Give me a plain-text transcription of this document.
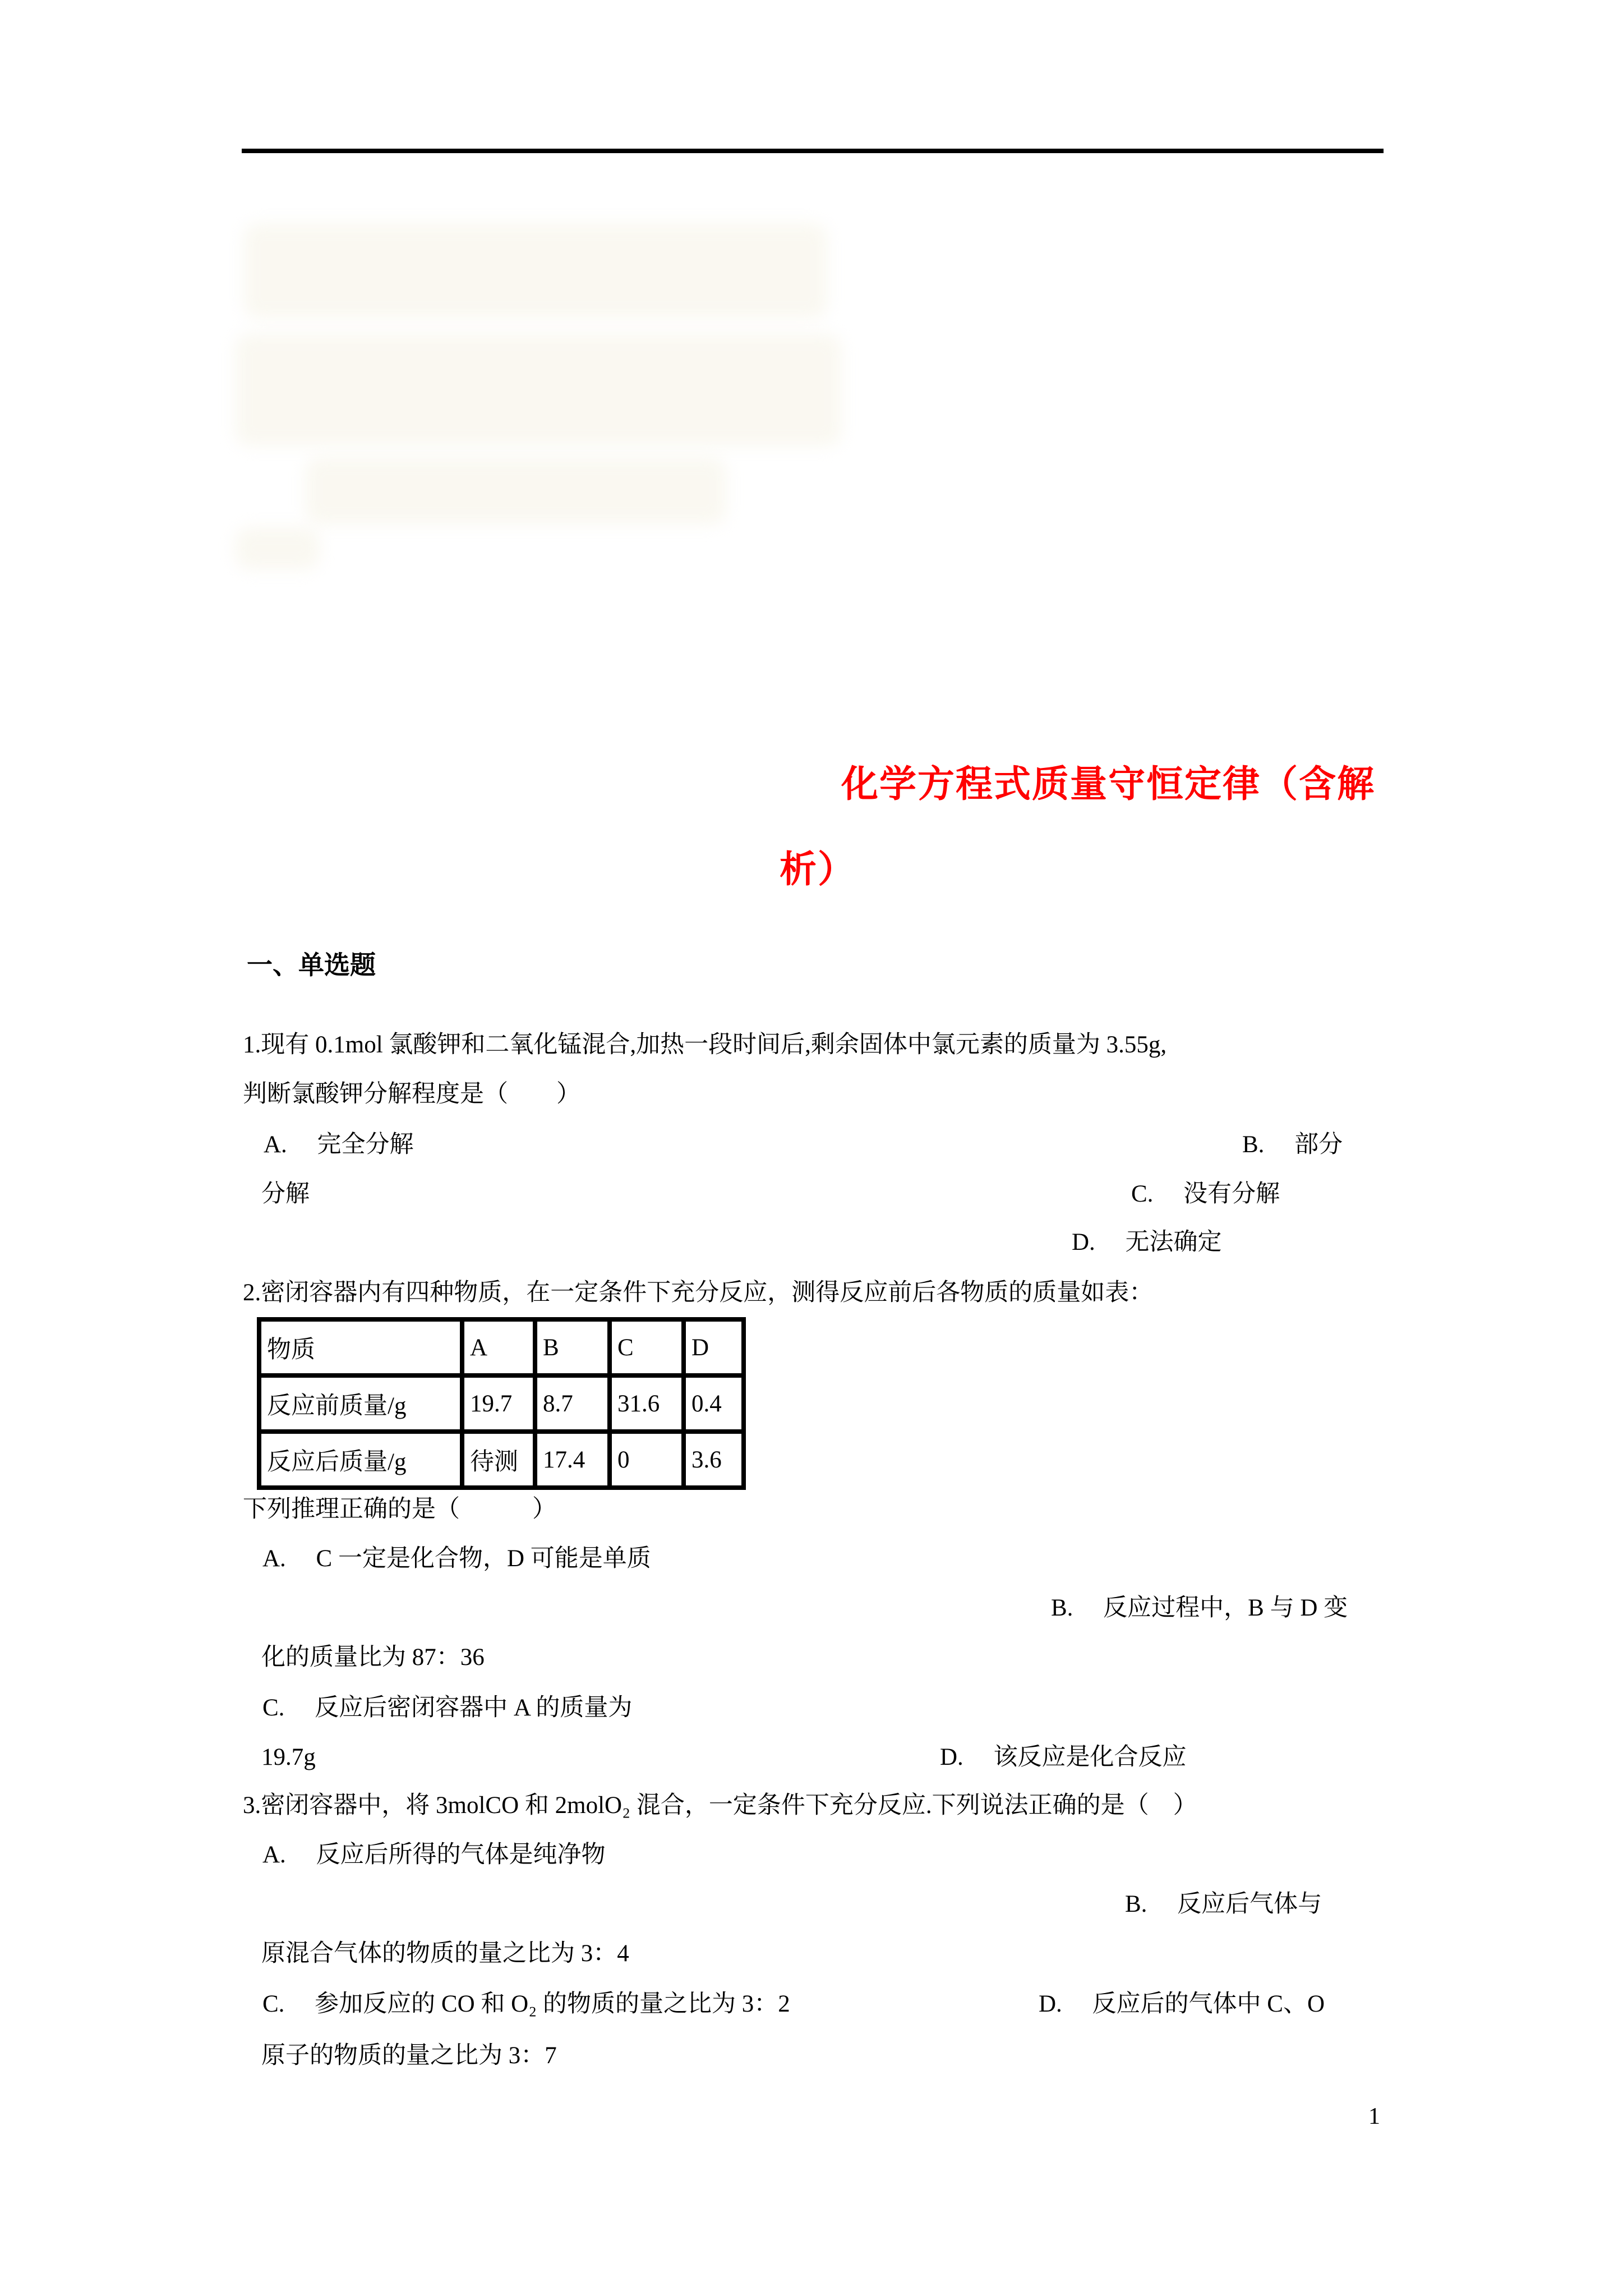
化学方程式质量守恒定律（含解
析）
一、单选题
1.现有 0.1mol 氯酸钾和二氧化锰混合,加热一段时间后,剩余固体中氯元素的质量为 3.55g,
判断氯酸钾分解程度是（　　）
A.　 完全分解	B.　 部分
分解	C.　 没有分解
D.　 无法确定
2.密闭容器内有四种物质，在一定条件下充分反应，测得反应前后各物质的质量如表：
物质	A	B	C	D
反应前质量/g	19.7	8.7	31.6	0.4
反应后质量/g	待测	17.4	0	3.6
下列推理正确的是（　　　）
A.　 C 一定是化合物，D 可能是单质
B.　 反应过程中，B 与 D 变
化的质量比为 87：36
C.　 反应后密闭容器中 A 的质量为
19.7g	D.　 该反应是化合反应
3.密闭容器中，将 3molCO 和 2molO₂ 混合，一定条件下充分反应.下列说法正确的是（　）
A.　 反应后所得的气体是纯净物
B.　 反应后气体与
原混合气体的物质的量之比为 3：4
C.　 参加反应的 CO 和 O₂ 的物质的量之比为 3：2	D.　 反应后的气体中 C、O
原子的物质的量之比为 3：7
1
